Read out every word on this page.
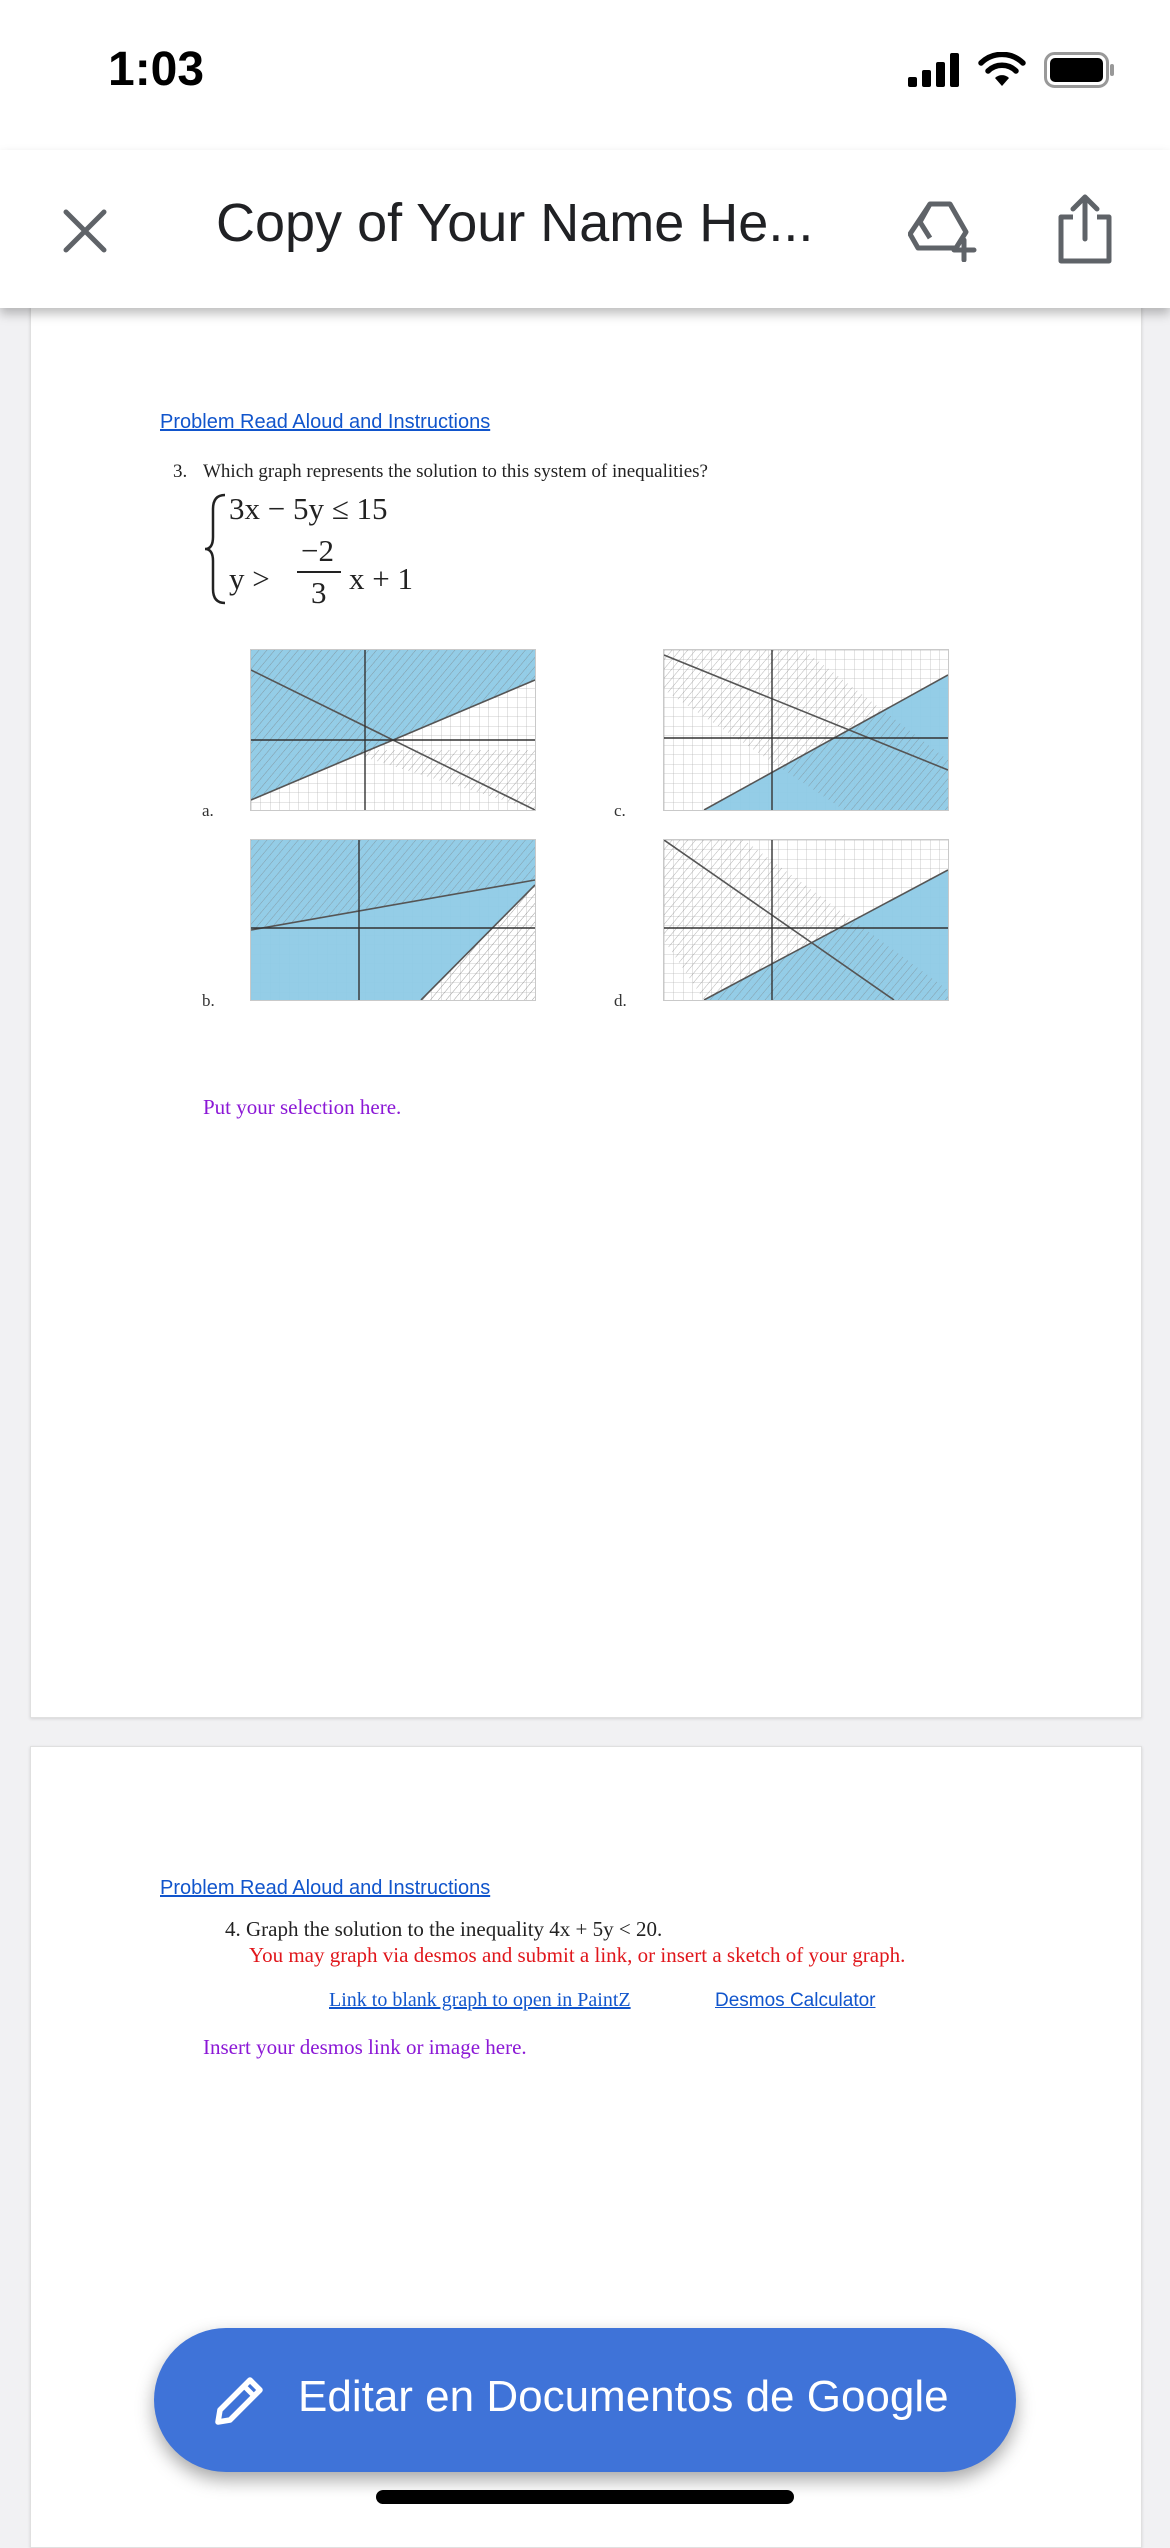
1:03
Copy of Your Name He...
Problem Read Aloud and Instructions
3. Which graph represents the solution to this system of inequalities?
3x − 5y ≤ 15
y >
−2
3 x + 1
a.
b.
c.
d.
Put your selection here.
Problem Read Aloud and Instructions
4. Graph the solution to the inequality 4x + 5y < 20.
You may graph via desmos and submit a link, or insert a sketch of your graph.
Link to blank graph to open in PaintZ	Desmos Calculator
Insert your desmos link or image here.
Editar en Documentos de Google
